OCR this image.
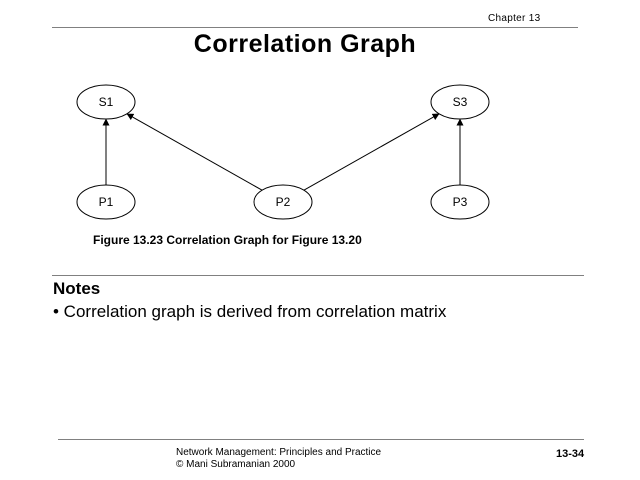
Chapter 13
Correlation Graph
S1	S3
P1	P2	P3
Figure 13.23 Correlation Graph for Figure 13.20
Notes
• Correlation graph is derived from correlation matrix
Network Management: Principles and Practice
© Mani Subramanian 2000
13-34
